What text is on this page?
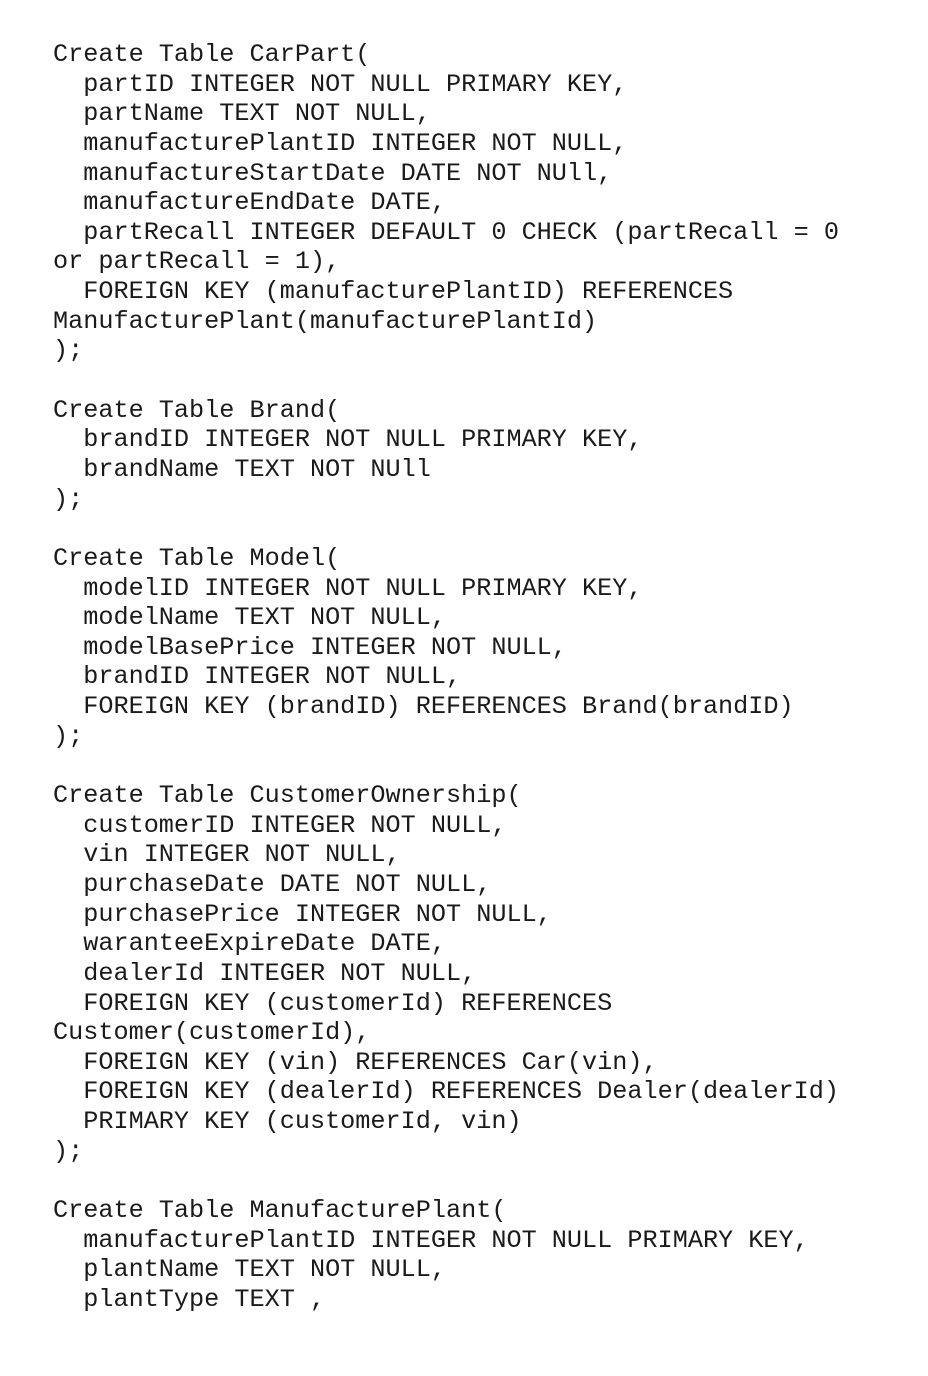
Create Table CarPart(
partID INTEGER NOT NULL PRIMARY KEY,
partName TEXT NOT NULL,
manufacturePlantID INTEGER NOT NULL,
manufactureStartDate DATE NOT NUll,
manufactureEndDate DATE,
partRecall INTEGER DEFAULT 0 CHECK (partRecall = 0
or partRecall = 1),
FOREIGN KEY (manufacturePlantID) REFERENCES
ManufacturePlant(manufacturePlantId)
);
Create Table Brand(
brandID INTEGER NOT NULL PRIMARY KEY,
brandName TEXT NOT NUll
);
Create Table Model(
modelID INTEGER NOT NULL PRIMARY KEY,
modelName TEXT NOT NULL,
modelBasePrice INTEGER NOT NULL,
brandID INTEGER NOT NULL,
FOREIGN KEY (brandID) REFERENCES Brand(brandID)
);
Create Table CustomerOwnership(
customerID INTEGER NOT NULL,
vin INTEGER NOT NULL,
purchaseDate DATE NOT NULL,
purchasePrice INTEGER NOT NULL,
waranteeExpireDate DATE,
dealerId INTEGER NOT NULL,
FOREIGN KEY (customerId) REFERENCES
Customer(customerId),
FOREIGN KEY (vin) REFERENCES Car(vin),
FOREIGN KEY (dealerId) REFERENCES Dealer(dealerId)
PRIMARY KEY (customerId, vin)
);
Create Table ManufacturePlant(
manufacturePlantID INTEGER NOT NULL PRIMARY KEY,
plantName TEXT NOT NULL,
plantType TEXT ,
